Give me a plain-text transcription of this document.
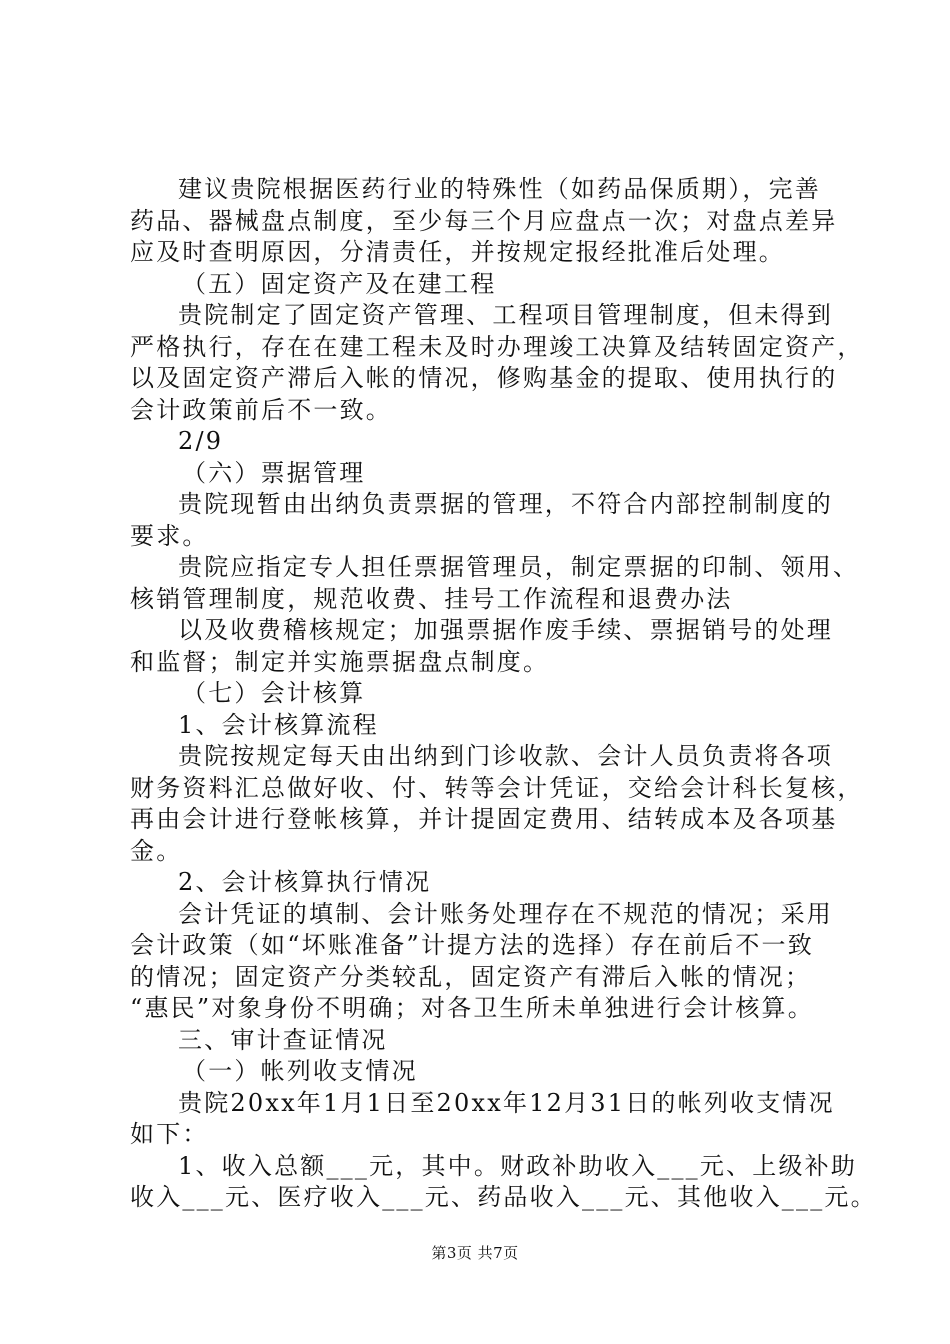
建议贵院根据医药行业的特殊性（如药品保质期），完善
药品、器械盘点制度，至少每三个月应盘点一次；对盘点差异
应及时查明原因，分清责任，并按规定报经批准后处理。
（五）固定资产及在建工程
贵院制定了固定资产管理、工程项目管理制度，但未得到
严格执行，存在在建工程未及时办理竣工决算及结转固定资产，
以及固定资产滞后入帐的情况，修购基金的提取、使用执行的
会计政策前后不一致。
2/9
（六）票据管理
贵院现暂由出纳负责票据的管理，不符合内部控制制度的
要求。
贵院应指定专人担任票据管理员，制定票据的印制、领用、
核销管理制度，规范收费、挂号工作流程和退费办法
以及收费稽核规定；加强票据作废手续、票据销号的处理
和监督；制定并实施票据盘点制度。
（七）会计核算
1、会计核算流程
贵院按规定每天由出纳到门诊收款、会计人员负责将各项
财务资料汇总做好收、付、转等会计凭证，交给会计科长复核，
再由会计进行登帐核算，并计提固定费用、结转成本及各项基
金。
2、会计核算执行情况
会计凭证的填制、会计账务处理存在不规范的情况；采用
会计政策（如“坏账准备”计提方法的选择）存在前后不一致
的情况；固定资产分类较乱，固定资产有滞后入帐的情况；
“惠民”对象身份不明确；对各卫生所未单独进行会计核算。
三、审计查证情况
（一）帐列收支情况
贵院20xx年1月1日至20xx年12月31日的帐列收支情况
如下：
1、收入总额___元，其中。财政补助收入___元、上级补助
收入___元、医疗收入___元、药品收入___元、其他收入___元。
第3页 共7页
